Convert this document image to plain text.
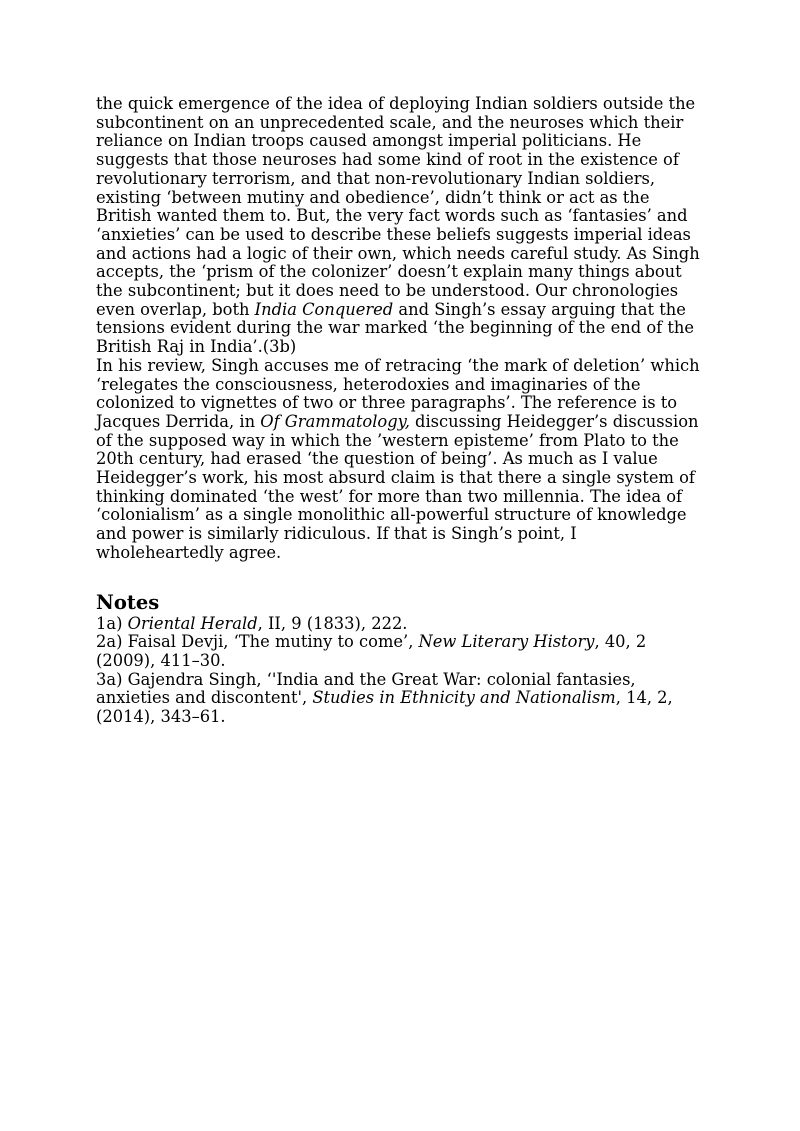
the quick emergence of the idea of deploying Indian soldiers outside the subcontinent on an unprecedented scale, and the neuroses which their reliance on Indian troops caused amongst imperial politicians. He suggests that those neuroses had some kind of root in the existence of revolutionary terrorism, and that non-revolutionary Indian soldiers, existing ‘between mutiny and obedience’, didn’t think or act as the British wanted them to. But, the very fact words such as ‘fantasies’ and ‘anxieties’ can be used to describe these beliefs suggests imperial ideas and actions had a logic of their own, which needs careful study. As Singh accepts, the ‘prism of the colonizer’ doesn’t explain many things about the subcontinent; but it does need to be understood. Our chronologies even overlap, both India Conquered and Singh’s essay arguing that the tensions evident during the war marked ‘the beginning of the end of the British Raj in India’.(3b)

In his review, Singh accuses me of retracing ‘the mark of deletion’ which ‘relegates the consciousness, heterodoxies and imaginaries of the colonized to vignettes of two or three paragraphs’. The reference is to Jacques Derrida, in Of Grammatology, discussing Heidegger’s discussion of the supposed way in which the ’western episteme’ from Plato to the 20th century, had erased ‘the question of being’. As much as I value Heidegger’s work, his most absurd claim is that there a single system of thinking dominated ‘the west’ for more than two millennia. The idea of ‘colonialism’ as a single monolithic all-powerful structure of knowledge and power is similarly ridiculous. If that is Singh’s point, I wholeheartedly agree.

Notes

1a) Oriental Herald, II, 9 (1833), 222.

2a) Faisal Devji, ‘The mutiny to come’, New Literary History, 40, 2 (2009), 411–30.

3a) Gajendra Singh, ‘'India and the Great War: colonial fantasies, anxieties and discontent', Studies in Ethnicity and Nationalism, 14, 2, (2014), 343–61.
